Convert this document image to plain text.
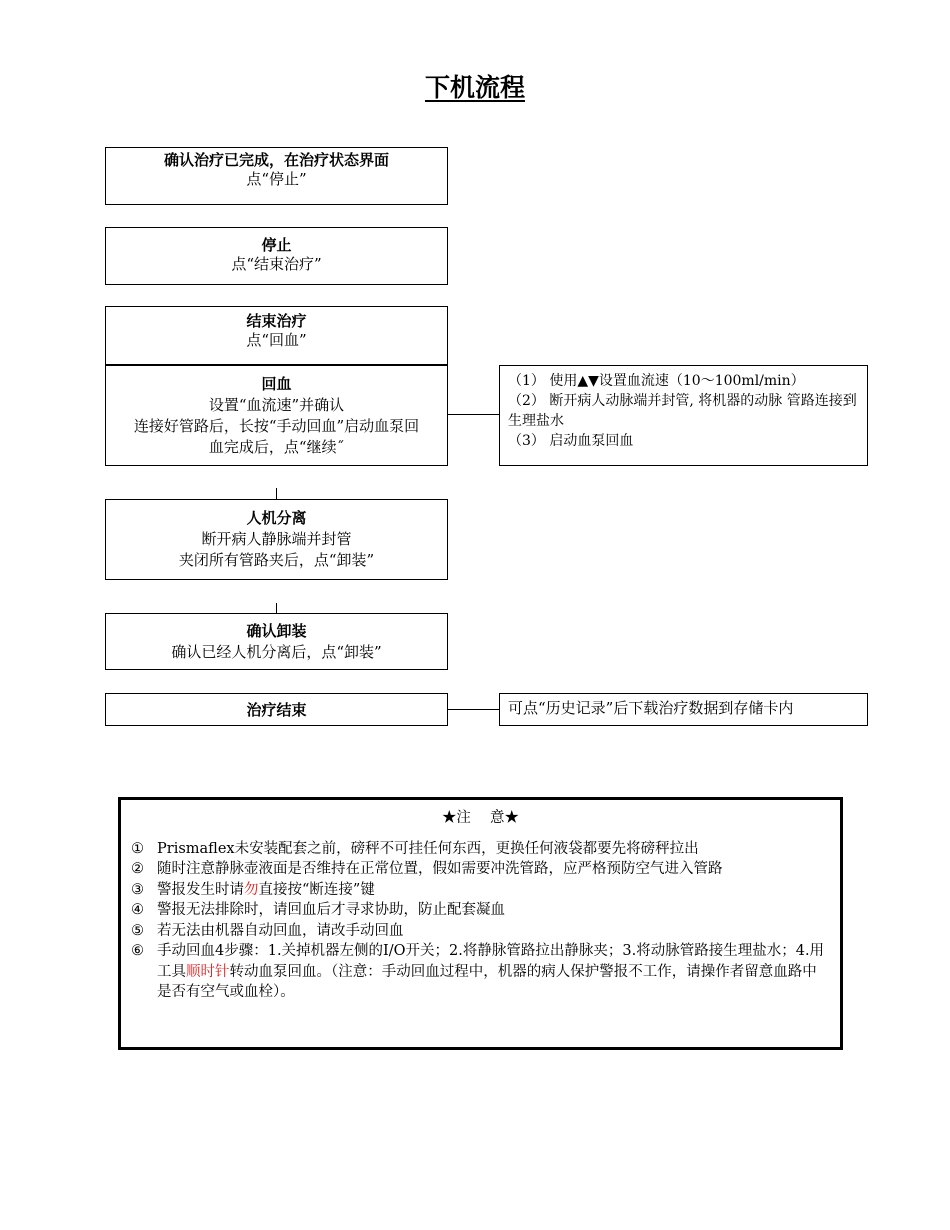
下机流程
确认治疗已完成，在治疗状态界面
点“停止”
停止
点“结束治疗”
结束治疗
点“回血”
回血
设置“血流速”并确认
连接好管路后，长按“手动回血”启动血泵回
血完成后，点“继续˝
人机分离
断开病人静脉端并封管
夹闭所有管路夹后，点“卸装”
确认卸装
确认已经人机分离后，点“卸装”
治疗结束
（1） 使用▲▼设置血流速（10～100ml/min）
（2） 断开病人动脉端并封管, 将机器的动脉 管路连接到生理盐水
（3） 启动血泵回血
可点“历史记录”后下载治疗数据到存储卡内
★注　 意★
① Prismaflex未安装配套之前，磅秤不可挂任何东西，更换任何液袋都要先将磅秤拉出
② 随时注意静脉壶液面是否维持在正常位置，假如需要冲洗管路，应严格预防空气进入管路
③ 警报发生时请勿直接按“断连接”键
④ 警报无法排除时，请回血后才寻求协助，防止配套凝血
⑤ 若无法由机器自动回血，请改手动回血
⑥ 手动回血4步骤：1.关掉机器左侧的I/O开关；2.将静脉管路拉出静脉夹；3.将动脉管路接生理盐水；4.用工具顺时针转动血泵回血。（注意：手动回血过程中，机器的病人保护警报不工作，请操作者留意血路中是否有空气或血栓）。
